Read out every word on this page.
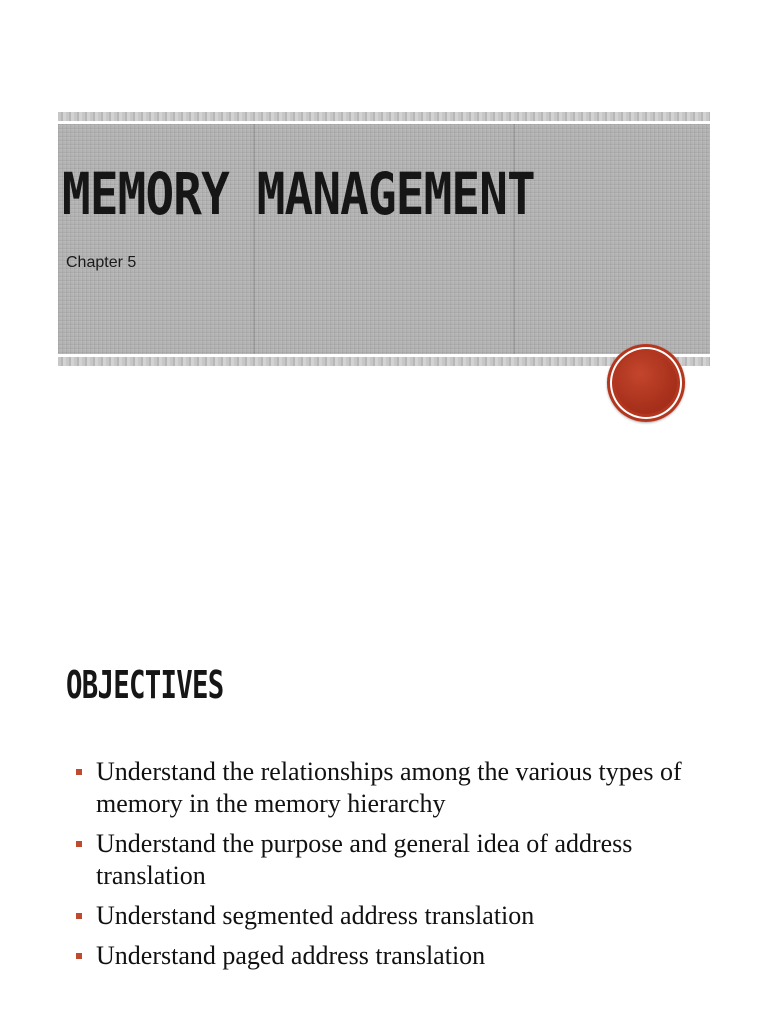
MEMORY MANAGEMENT

Chapter 5

OBJECTIVES
Understand the relationships among the various types of memory in the memory hierarchy
Understand the purpose and general idea of address translation
Understand segmented address translation
Understand paged address translation
